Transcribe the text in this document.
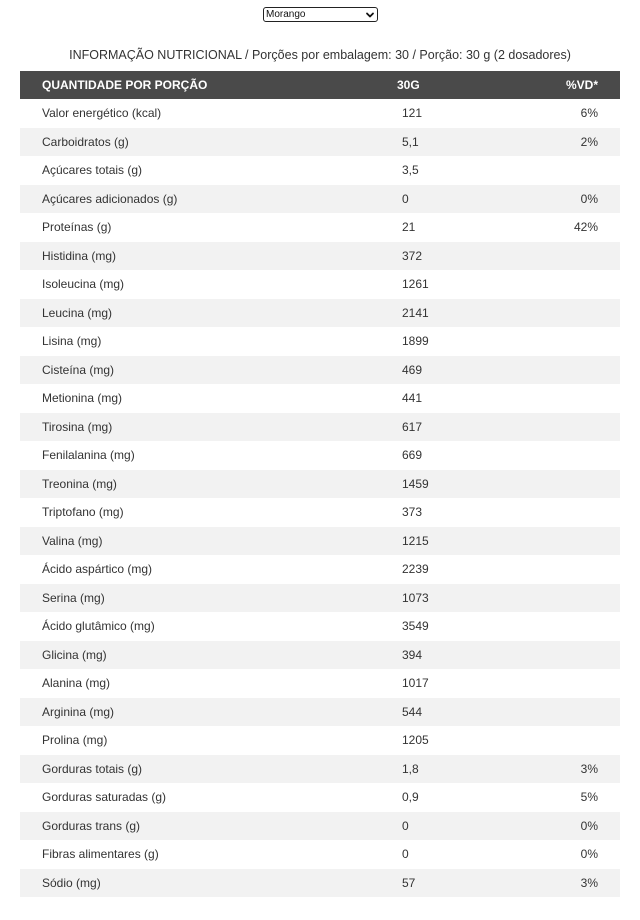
Morango
INFORMAÇÃO NUTRICIONAL / Porções por embalagem: 30 / Porção: 30 g (2 dosadores)
QUANTIDADE POR PORÇÃO	30G	%VD*
Valor energético (kcal)	121	6%
Carboidratos (g)	5,1	2%
Açúcares totais (g)	3,5	
Açúcares adicionados (g)	0	0%
Proteínas (g)	21	42%
Histidina (mg)	372	
Isoleucina (mg)	1261	
Leucina (mg)	2141	
Lisina (mg)	1899	
Cisteína (mg)	469	
Metionina (mg)	441	
Tirosina (mg)	617	
Fenilalanina (mg)	669	
Treonina (mg)	1459	
Triptofano (mg)	373	
Valina (mg)	1215	
Ácido aspártico (mg)	2239	
Serina (mg)	1073	
Ácido glutâmico (mg)	3549	
Glicina (mg)	394	
Alanina (mg)	1017	
Arginina (mg)	544	
Prolina (mg)	1205	
Gorduras totais (g)	1,8	3%
Gorduras saturadas (g)	0,9	5%
Gorduras trans (g)	0	0%
Fibras alimentares (g)	0	0%
Sódio (mg)	57	3%
